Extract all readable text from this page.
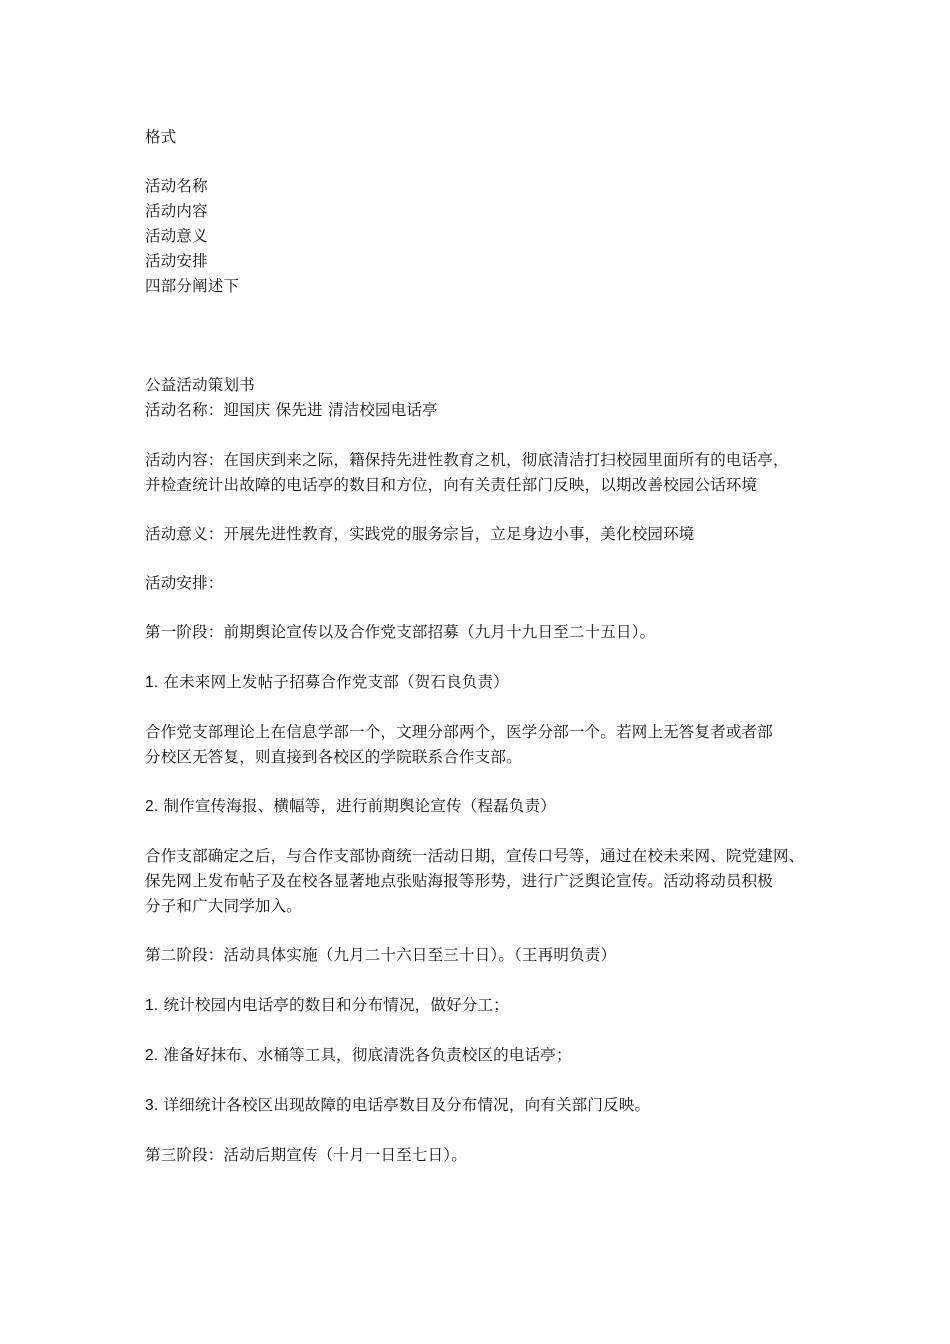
格式
活动名称
活动内容
活动意义
活动安排
四部分阐述下
公益活动策划书
活动名称：迎国庆 保先进 清洁校园电话亭
活动内容：在国庆到来之际，籍保持先进性教育之机，彻底清洁打扫校园里面所有的电话亭，
并检查统计出故障的电话亭的数目和方位，向有关责任部门反映，以期改善校园公话环境
活动意义：开展先进性教育，实践党的服务宗旨，立足身边小事，美化校园环境
活动安排：
第一阶段：前期舆论宣传以及合作党支部招募（九月十九日至二十五日）。
1. 在未来网上发帖子招募合作党支部（贺石良负责）
合作党支部理论上在信息学部一个，文理分部两个，医学分部一个。若网上无答复者或者部
分校区无答复，则直接到各校区的学院联系合作支部。
2. 制作宣传海报、横幅等，进行前期舆论宣传（程磊负责）
合作支部确定之后，与合作支部协商统一活动日期，宣传口号等，通过在校未来网、院党建网、
保先网上发布帖子及在校各显著地点张贴海报等形势，进行广泛舆论宣传。活动将动员积极
分子和广大同学加入。
第二阶段：活动具体实施（九月二十六日至三十日）。（王再明负责）
1. 统计校园内电话亭的数目和分布情况，做好分工；
2. 准备好抹布、水桶等工具，彻底清洗各负责校区的电话亭；
3. 详细统计各校区出现故障的电话亭数目及分布情况，向有关部门反映。
第三阶段：活动后期宣传（十月一日至七日）。
